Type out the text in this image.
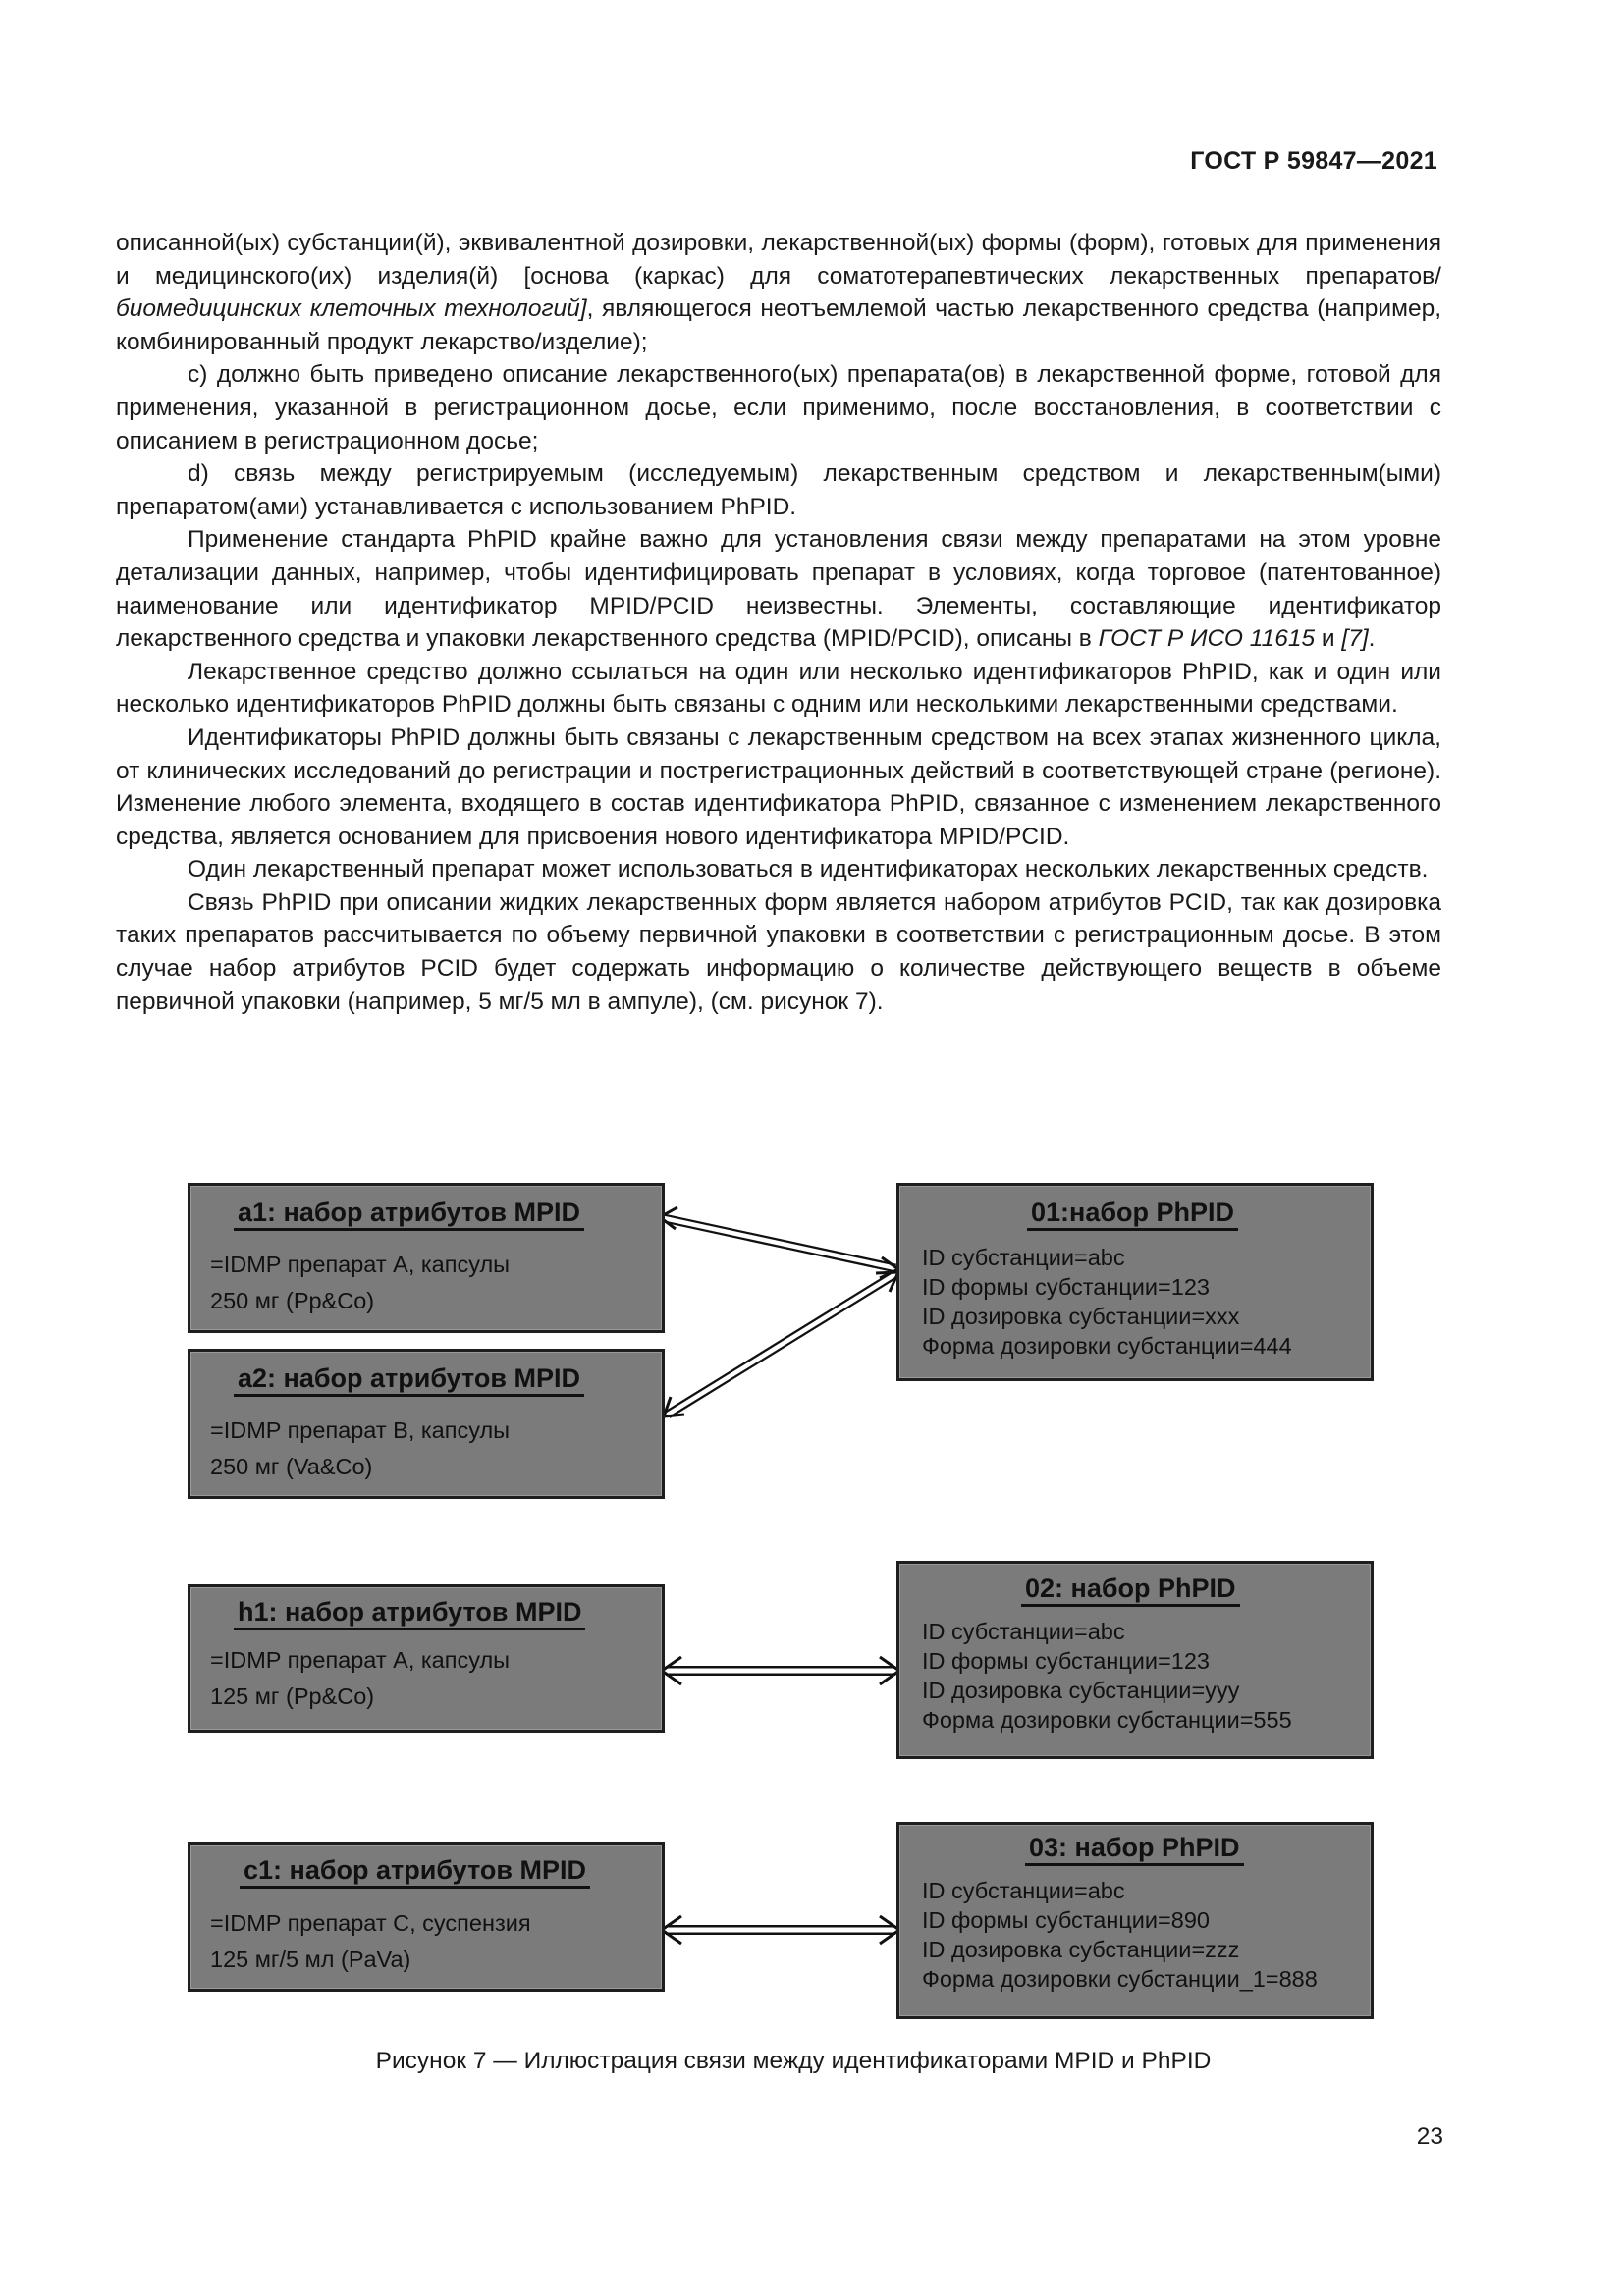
ГОСТ Р 59847—2021

описанной(ых) субстанции(й), эквивалентной дозировки, лекарственной(ых) формы (форм), готовых для применения и медицинского(их) изделия(й) [основа (каркас) для соматотерапевтических лекарственных препаратов/биомедицинских клеточных технологий], являющегося неотъемлемой частью лекарственного средства (например, комбинированный продукт лекарство/изделие);

c) должно быть приведено описание лекарственного(ых) препарата(ов) в лекарственной форме, готовой для применения, указанной в регистрационном досье, если применимо, после восстановления, в соответствии с описанием в регистрационном досье;

d) связь между регистрируемым (исследуемым) лекарственным средством и лекарственным(ыми) препаратом(ами) устанавливается с использованием PhPID.

Применение стандарта PhPID крайне важно для установления связи между препаратами на этом уровне детализации данных, например, чтобы идентифицировать препарат в условиях, когда торговое (патентованное) наименование или идентификатор MPID/PCID неизвестны. Элементы, составляющие идентификатор лекарственного средства и упаковки лекарственного средства (MPID/PCID), описаны в ГОСТ Р ИСО 11615 и [7].

Лекарственное средство должно ссылаться на один или несколько идентификаторов PhPID, как и один или несколько идентификаторов PhPID должны быть связаны с одним или несколькими лекарственными средствами.

Идентификаторы PhPID должны быть связаны с лекарственным средством на всех этапах жизненного цикла, от клинических исследований до регистрации и пострегистрационных действий в соответствующей стране (регионе). Изменение любого элемента, входящего в состав идентификатора PhPID, связанное с изменением лекарственного средства, является основанием для присвоения нового идентификатора MPID/PCID.

Один лекарственный препарат может использоваться в идентификаторах нескольких лекарственных средств.

Связь PhPID при описании жидких лекарственных форм является набором атрибутов PCID, так как дозировка таких препаратов рассчитывается по объему первичной упаковки в соответствии с регистрационным досье. В этом случае набор атрибутов PCID будет содержать информацию о количестве действующего веществ в объеме первичной упаковки (например, 5 мг/5 мл в ампуле), (см. рисунок 7).

a1: набор атрибутов MPID
=IDMP препарат A, капсулы
250 мг (Pp&Co)
a2: набор атрибутов MPID
=IDMP препарат B, капсулы
250 мг (Va&Co)
h1: набор атрибутов MPID
=IDMP препарат A, капсулы
125 мг (Pp&Co)
c1: набор атрибутов MPID
=IDMP препарат C, суспензия
125 мг/5 мл (PaVa)
01:набор PhPID
ID субстанции=abc
ID формы субстанции=123
ID дозировка субстанции=xxx
Форма дозировки субстанции=444
02: набор PhPID
ID субстанции=abc
ID формы субстанции=123
ID дозировка субстанции=yyy
Форма дозировки субстанции=555
03: набор PhPID
ID субстанции=abc
ID формы субстанции=890
ID дозировка субстанции=zzz
Форма дозировки субстанции_1=888
Рисунок 7 — Иллюстрация связи между идентификаторами MPID и PhPID
23
